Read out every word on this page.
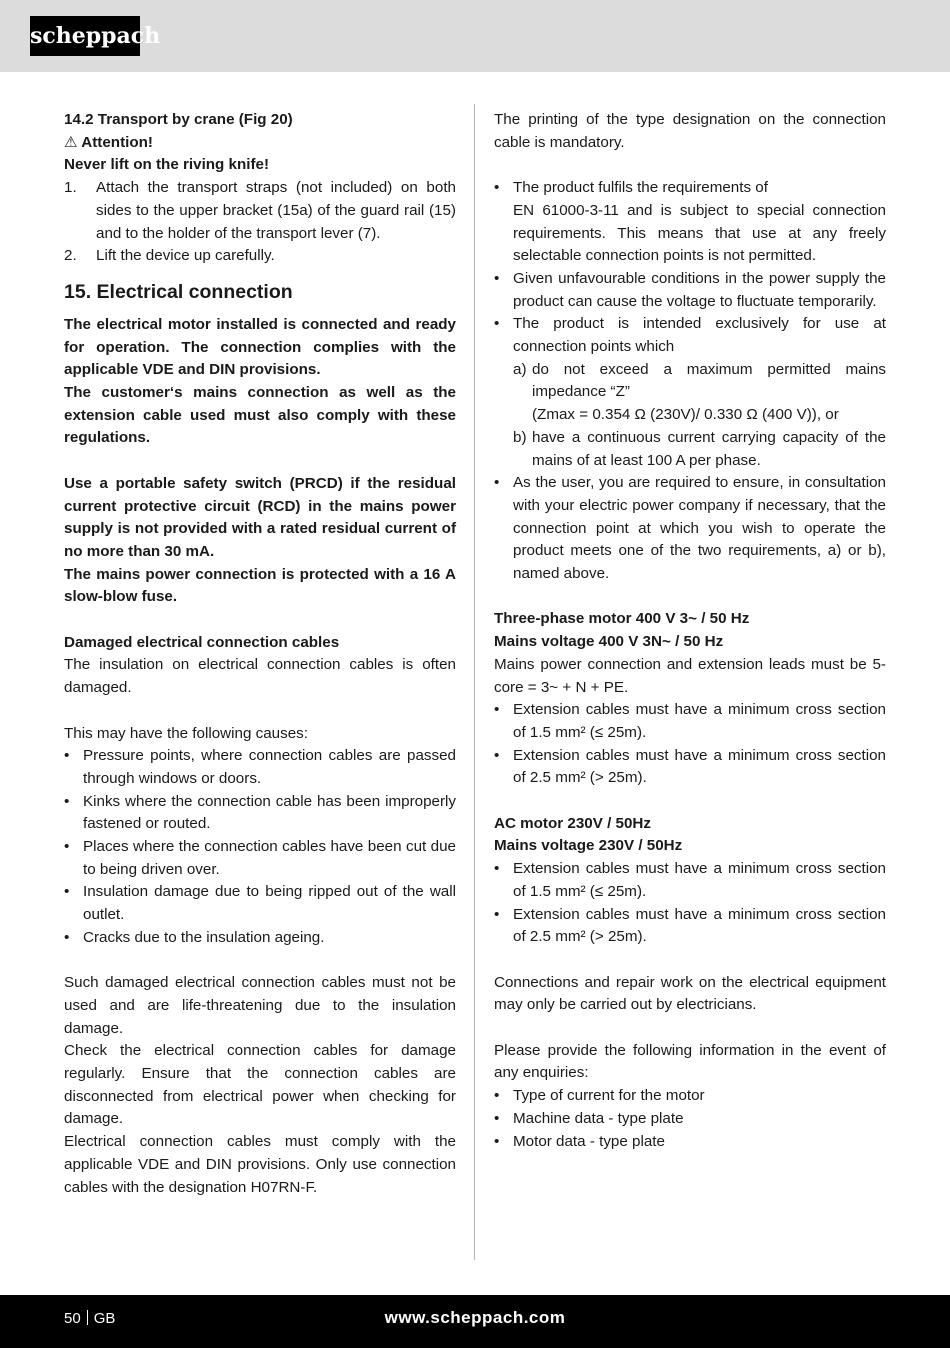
scheppach

14.2 Transport by crane (Fig 20)

⚠ Attention!

Never lift on the riving knife!

1.	Attach the transport straps (not included) on both sides to the upper bracket (15a) of the guard rail (15) and to the holder of the transport lever (7).
2.	Lift the device up carefully.
15. Electrical connection

The electrical motor installed is connected and ready for operation. The connection complies with the applicable VDE and DIN provisions.

The customer‘s mains connection as well as the extension cable used must also comply with these regulations.

Use a portable safety switch (PRCD) if the residual current protective circuit (RCD) in the mains power supply is not provided with a rated residual current of no more than 30 mA.

The mains power connection is protected with a 16 A slow-blow fuse.

Damaged electrical connection cables

The insulation on electrical connection cables is often damaged.

This may have the following causes:

• Pressure points, where connection cables are passed through windows or doors.
• Kinks where the connection cable has been improperly fastened or routed.
• Places where the connection cables have been cut due to being driven over.
• Insulation damage due to being ripped out of the wall outlet.
• Cracks due to the insulation ageing.

Such damaged electrical connection cables must not be used and are life-threatening due to the insulation damage.

Check the electrical connection cables for damage regularly. Ensure that the connection cables are disconnected from electrical power when checking for damage.

Electrical connection cables must comply with the applicable VDE and DIN provisions. Only use connection cables with the designation H07RN-F.

The printing of the type designation on the connection cable is mandatory.

• The product fulfils the requirements of
EN 61000-3-11 and is subject to special connection requirements. This means that use at any freely selectable connection points is not permitted.
• Given unfavourable conditions in the power supply the product can cause the voltage to fluctuate temporarily.
• The product is intended exclusively for use at connection points which
a) do not exceed a maximum permitted mains impedance “Z”

(Zmax = 0.354 Ω (230V)/ 0.330 Ω (400 V)), or

b) have a continuous current carrying capacity of the mains of at least 100 A per phase.
• As the user, you are required to ensure, in consultation with your electric power company if necessary, that the connection point at which you wish to operate the product meets one of the two requirements, a) or b), named above.

Three-phase motor 400 V 3~ / 50 Hz

Mains voltage 400 V 3N~ / 50 Hz

Mains power connection and extension leads must be 5-core = 3~ + N + PE.

• Extension cables must have a minimum cross section of 1.5 mm² (≤ 25m).
• Extension cables must have a minimum cross section of 2.5 mm² (> 25m).

AC motor 230V / 50Hz

Mains voltage 230V / 50Hz

• Extension cables must have a minimum cross section of 1.5 mm² (≤ 25m).
• Extension cables must have a minimum cross section of 2.5 mm² (> 25m).

Connections and repair work on the electrical equipment may only be carried out by electricians.

Please provide the following information in the event of any enquiries:

• Type of current for the motor
• Machine data - type plate
• Motor data - type plate
50 GB	www.scheppach.com
